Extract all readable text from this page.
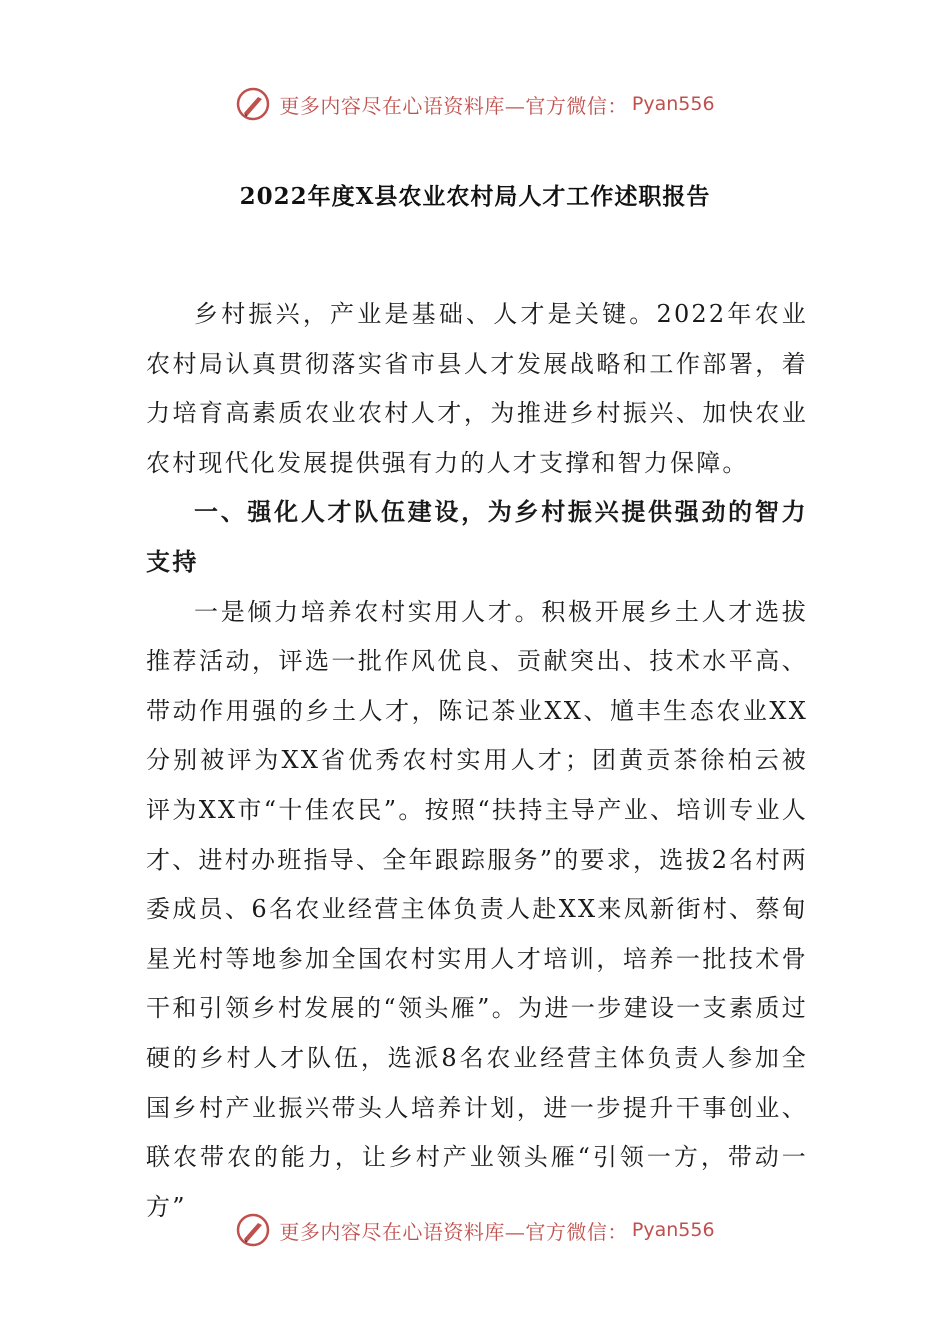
更多内容尽在心语资料库—官方微信： Pyan556
2022年度X县农业农村局人才工作述职报告

乡村振兴，产业是基础、人才是关键。2022年农业农村局认真贯彻落实省市县人才发展战略和工作部署，着力培育高素质农业农村人才，为推进乡村振兴、加快农业农村现代化发展提供强有力的人才支撑和智力保障。

一、强化人才队伍建设，为乡村振兴提供强劲的智力支持

一是倾力培养农村实用人才。积极开展乡土人才选拔推荐活动，评选一批作风优良、贡献突出、技术水平高、带动作用强的乡土人才，陈记茶业XX、馗丰生态农业XX分别被评为XX省优秀农村实用人才；团黄贡茶徐柏云被评为XX市“十佳农民”。按照“扶持主导产业、培训专业人才、进村办班指导、全年跟踪服务”的要求，选拔2名村两委成员、6名农业经营主体负责人赴XX来凤新街村、蔡甸星光村等地参加全国农村实用人才培训，培养一批技术骨干和引领乡村发展的“领头雁”。为进一步建设一支素质过硬的乡村人才队伍，选派8名农业经营主体负责人参加全国乡村产业振兴带头人培养计划，进一步提升干事创业、联农带农的能力，让乡村产业领头雁“引领一方，带动一方”

更多内容尽在心语资料库—官方微信： Pyan556
